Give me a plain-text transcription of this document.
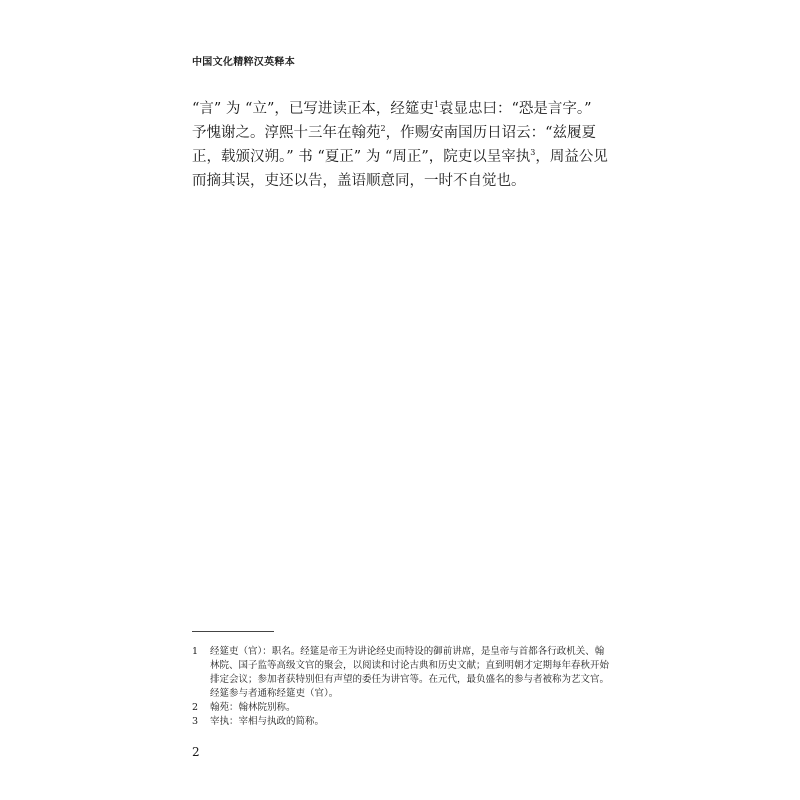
中国文化精粹汉英释本

“言” 为 “立”，已写进读正本，经筵吏$^1$袁显忠曰：“恐是言字。” 予愧谢之。淳熙十三年在翰苑$^2$，作赐安南国历日诏云：“兹履夏正，载颁汉朔。” 书 “夏正” 为 “周正”，院吏以呈宰执$^3$，周益公见而摘其误，吏还以告，盖语顺意同，一时不自觉也。

1	经筵吏（官）：职名。经筵是帝王为讲论经史而特设的御前讲席，是皇帝与首都各行政机关、翰林院、国子监等高级文官的聚会，以阅读和讨论古典和历史文献；直到明朝才定期每年春秋开始排定会议；参加者获特别但有声望的委任为讲官等。在元代，最负盛名的参与者被称为艺文官。经筵参与者通称经筵吏（官）。
2	翰苑：翰林院别称。
3	宰执：宰相与执政的简称。
2
